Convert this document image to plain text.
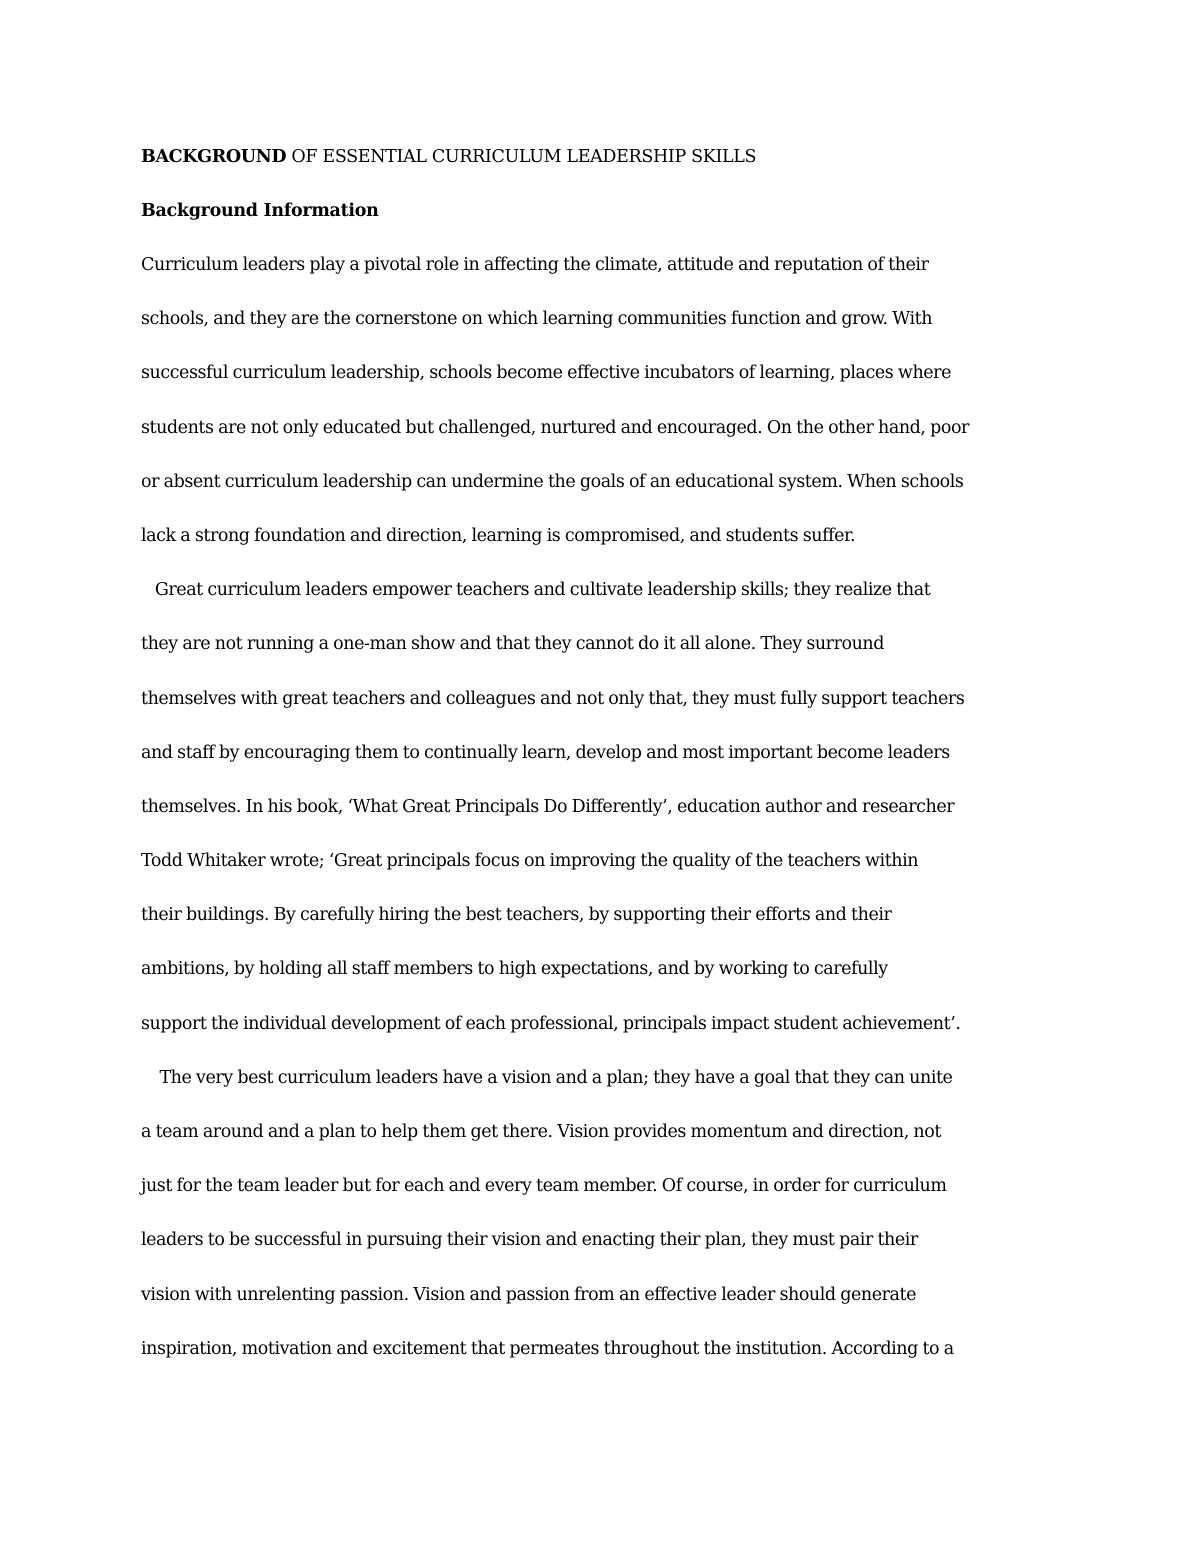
BACKGROUND OF ESSENTIAL CURRICULUM LEADERSHIP SKILLS
Background Information
Curriculum leaders play a pivotal role in affecting the climate, attitude and reputation of their
schools, and they are the cornerstone on which learning communities function and grow. With
successful curriculum leadership, schools become effective incubators of learning, places where
students are not only educated but challenged, nurtured and encouraged. On the other hand, poor
or absent curriculum leadership can undermine the goals of an educational system. When schools
lack a strong foundation and direction, learning is compromised, and students suffer.
Great curriculum leaders empower teachers and cultivate leadership skills; they realize that
they are not running a one-man show and that they cannot do it all alone. They surround
themselves with great teachers and colleagues and not only that, they must fully support teachers
and staff by encouraging them to continually learn, develop and most important become leaders
themselves. In his book, ‘What Great Principals Do Differently’, education author and researcher
Todd Whitaker wrote; ‘Great principals focus on improving the quality of the teachers within
their buildings. By carefully hiring the best teachers, by supporting their efforts and their
ambitions, by holding all staff members to high expectations, and by working to carefully
support the individual development of each professional, principals impact student achievement’.
The very best curriculum leaders have a vision and a plan; they have a goal that they can unite
a team around and a plan to help them get there. Vision provides momentum and direction, not
just for the team leader but for each and every team member. Of course, in order for curriculum
leaders to be successful in pursuing their vision and enacting their plan, they must pair their
vision with unrelenting passion. Vision and passion from an effective leader should generate
inspiration, motivation and excitement that permeates throughout the institution. According to a
